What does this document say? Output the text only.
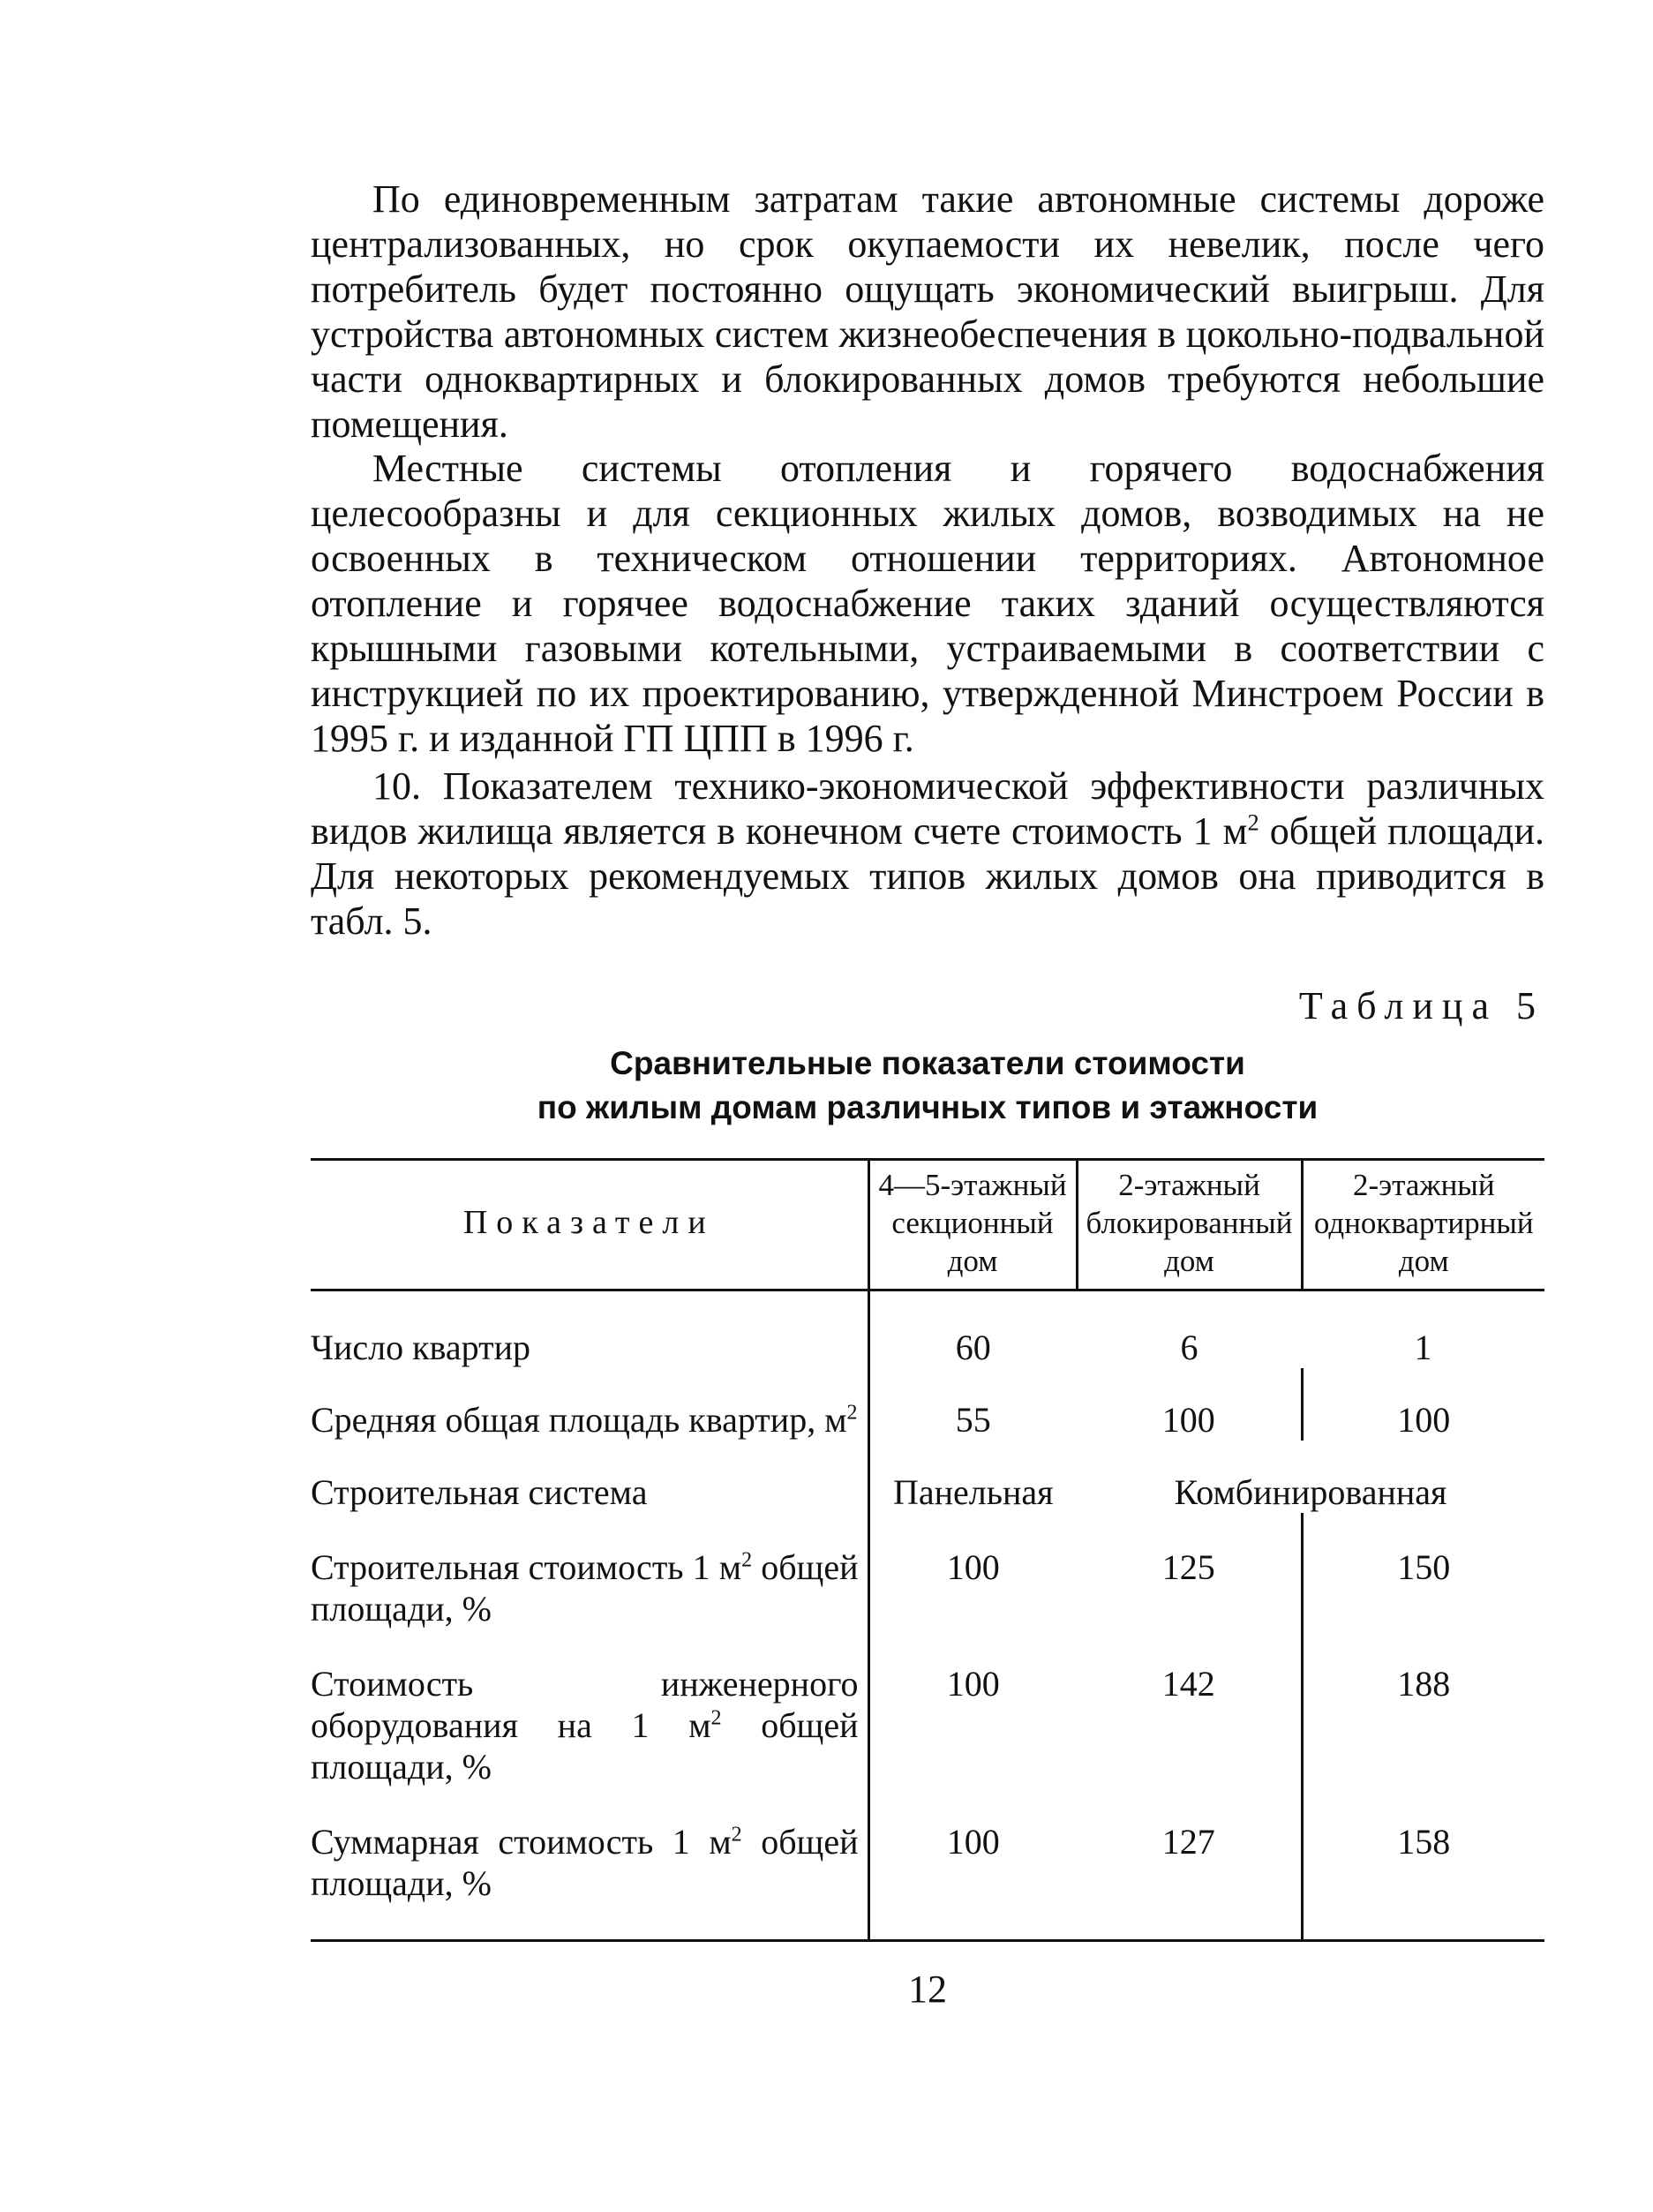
По единовременным затратам такие автономные системы дороже централизованных, но срок окупаемости их невелик, после чего потребитель будет постоянно ощущать экономический выигрыш. Для устройства автономных систем жизнеобеспечения в цокольно-подвальной части одноквартирных и блокированных домов требуются небольшие помещения.

Местные системы отопления и горячего водоснабжения целесообразны и для секционных жилых домов, возводимых на не освоенных в техническом отношении территориях. Автономное отопление и горячее водоснабжение таких зданий осуществляются крышными газовыми котельными, устраиваемыми в соответствии с инструкцией по их проектированию, утвержденной Минстроем России в 1995 г. и изданной ГП ЦПП в 1996 г.

10. Показателем технико-экономической эффективности различных видов жилища является в конечном счете стоимость 1 $м^2$ общей площади. Для некоторых рекомендуемых типов жилых домов она приводится в табл. 5.

Таблица 5
Сравнительные показатели стоимости
по жилым домам различных типов и этажности
Показатели	4—5-этажный секционный дом	2-этажный блокированный дом	2-этажный одноквартирный дом
Число квартир	60	6	1
Средняя общая площадь квартир, $м^2$	55	100	100
Строительная система	Панельная	Комбинированная	
Строительная стоимость 1 $м^2$ общей площади, %	100	125	150
Стоимость инженерного оборудования на 1 $м^2$ общей площади, %	100	142	188
Суммарная стоимость 1 $м^2$ общей площади, %	100	127	158
12
